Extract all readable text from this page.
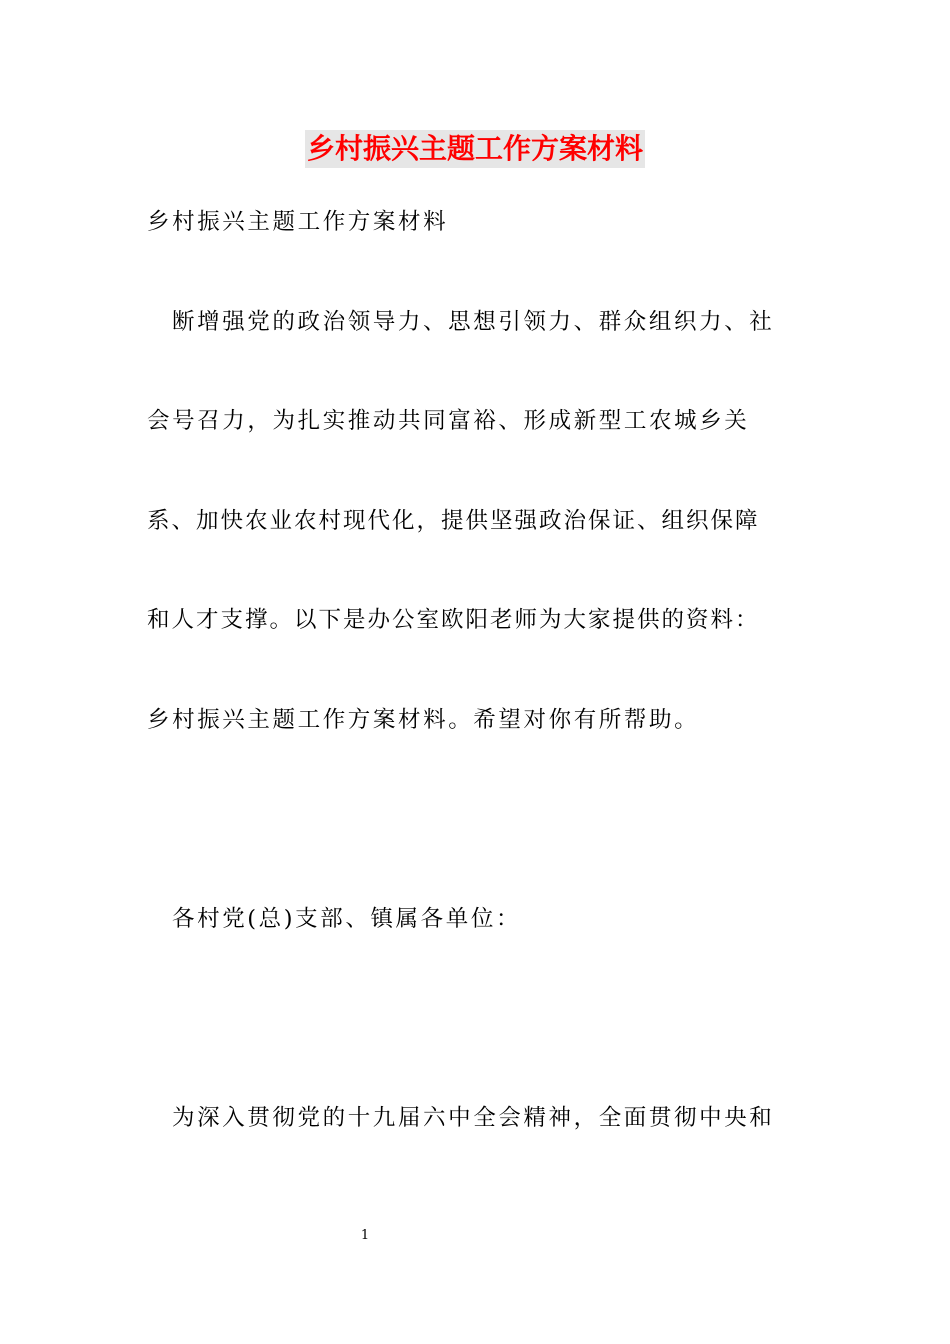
乡村振兴主题工作方案材料
乡村振兴主题工作方案材料
断增强党的政治领导力、思想引领力、群众组织力、社
会号召力，为扎实推动共同富裕、形成新型工农城乡关
系、加快农业农村现代化，提供坚强政治保证、组织保障
和人才支撑。以下是办公室欧阳老师为大家提供的资料：
乡村振兴主题工作方案材料。希望对你有所帮助。
各村党(总)支部、镇属各单位：
为深入贯彻党的十九届六中全会精神，全面贯彻中央和
1
